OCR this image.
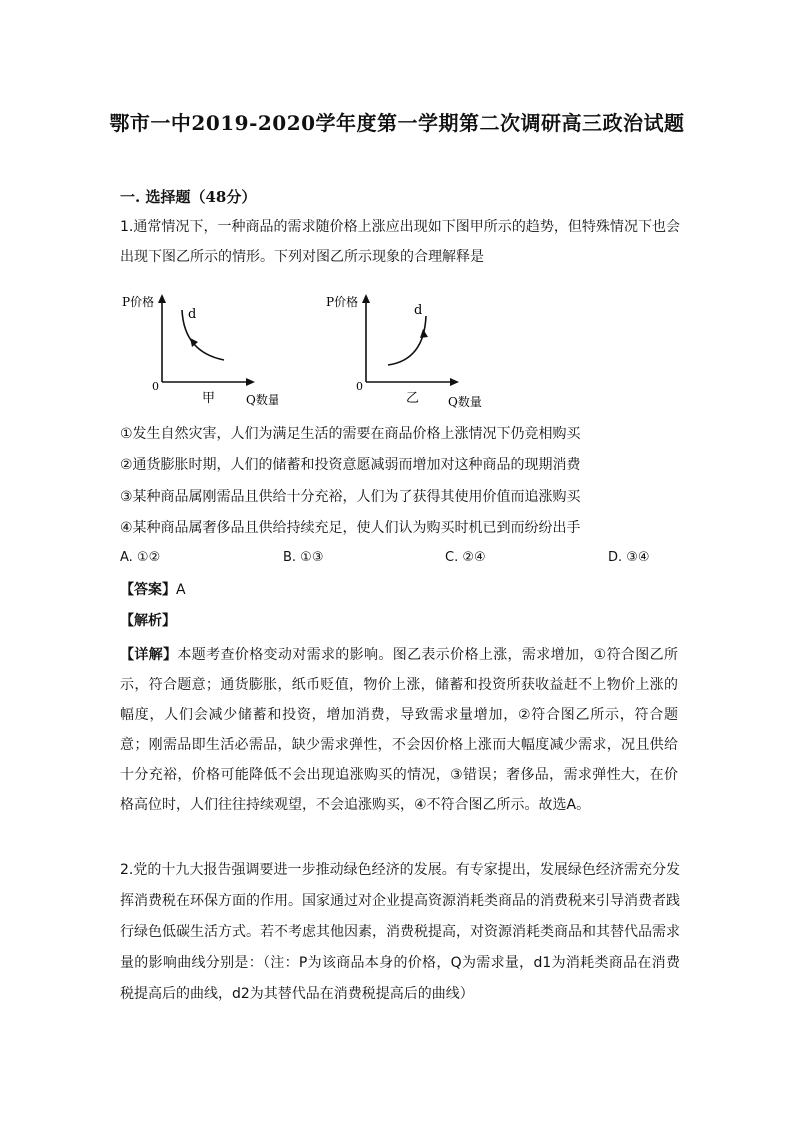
鄂市一中2019-2020学年度第一学期第二次调研高三政治试题
一. 选择题（48分）
1.通常情况下，一种商品的需求随价格上涨应出现如下图甲所示的趋势，但特殊情况下也会出现下图乙所示的情形。下列对图乙所示现象的合理解释是
P价格
d
0
甲	Q数量
P价格
d
0
乙 Q数量
①发生自然灾害，人们为满足生活的需要在商品价格上涨情况下仍竞相购买
②通货膨胀时期，人们的储蓄和投资意愿减弱而增加对这种商品的现期消费
③某种商品属刚需品且供给十分充裕，人们为了获得其使用价值而追涨购买
④某种商品属奢侈品且供给持续充足，使人们认为购买时机已到而纷纷出手
A. ①②	B. ①③	C. ②④	D. ③④
【答案】A
【解析】
【详解】本题考查价格变动对需求的影响。图乙表示价格上涨，需求增加，①符合图乙所示，符合题意；通货膨胀，纸币贬值，物价上涨，储蓄和投资所获收益赶不上物价上涨的幅度，人们会减少储蓄和投资，增加消费，导致需求量增加，②符合图乙所示，符合题意；刚需品即生活必需品，缺少需求弹性，不会因价格上涨而大幅度减少需求，况且供给十分充裕，价格可能降低不会出现追涨购买的情况，③错误；奢侈品，需求弹性大，在价格高位时，人们往往持续观望，不会追涨购买，④不符合图乙所示。故选A。
2.党的十九大报告强调要进一步推动绿色经济的发展。有专家提出，发展绿色经济需充分发挥消费税在环保方面的作用。国家通过对企业提高资源消耗类商品的消费税来引导消费者践行绿色低碳生活方式。若不考虑其他因素，消费税提高，对资源消耗类商品和其替代品需求量的影响曲线分别是：（注：P为该商品本身的价格，Q为需求量，d1为消耗类商品在消费税提高后的曲线，d2为其替代品在消费税提高后的曲线）
